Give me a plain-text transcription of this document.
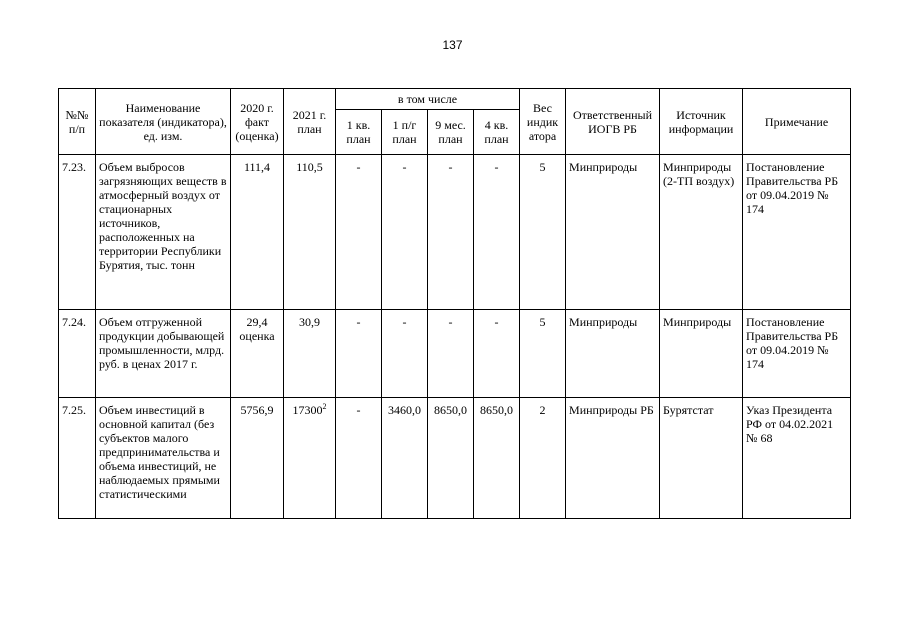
137
№№ п/п	Наименование показателя (индикатора), ед. изм.	2020 г. факт (оценка)	2021 г. план	в том числе				Вес индик атора	Ответственный ИОГВ РБ	Источник информации	Примечание
				1 кв. план	1 п/г план	9 мес. план	4 кв. план				
7.23.	Объем выбросов загрязняющих веществ в атмосферный воздух от стационарных источников, расположенных на территории Республики Бурятия, тыс. тонн	111,4	110,5	-	-	-	-	5	Минприроды	Минприроды (2-ТП воздух)	Постановление Правительства РБ от 09.04.2019 № 174
7.24.	Объем отгруженной продукции добывающей промышленности, млрд. руб. в ценах 2017 г.	29,4 оценка	30,9	-	-	-	-	5	Минприроды	Минприроды	Постановление Правительства РБ от 09.04.2019 № 174
7.25.	Объем инвестиций в основной капитал (без субъектов малого предпринимательства и объема инвестиций, не наблюдаемых прямыми статистическими	5756,9	17300$^2$	-	3460,0	8650,0	8650,0	2	Минприроды РБ	Бурятстат	Указ Президента РФ от 04.02.2021 № 68
